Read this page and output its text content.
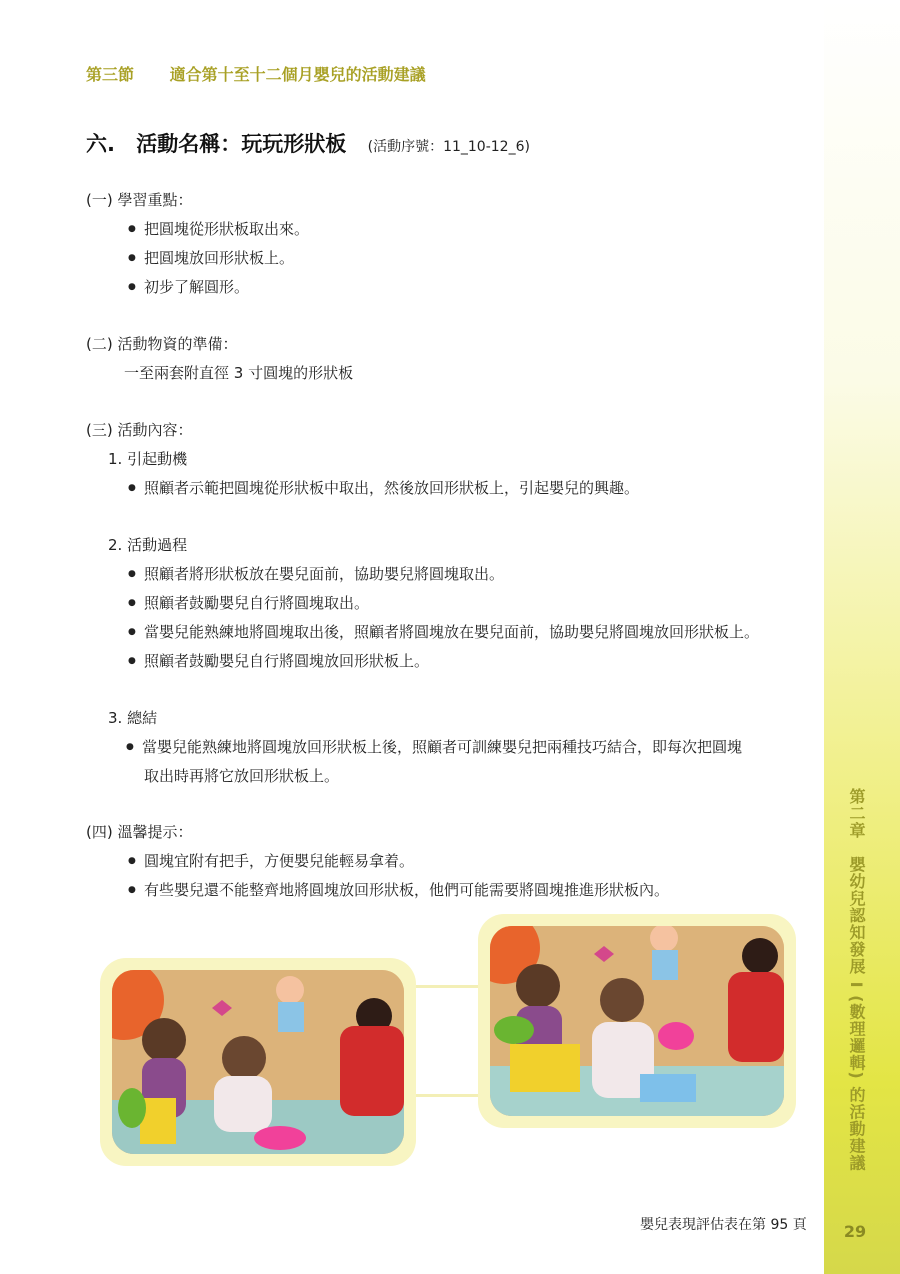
第三節 適合第十至十二個月嬰兒的活動建議
六. 活動名稱：玩玩形狀板 (活動序號：11_10-12_6)
(一) 學習重點：
● 把圓塊從形狀板取出來。
● 把圓塊放回形狀板上。
● 初步了解圓形。
(二) 活動物資的準備：
一至兩套附直徑 3 寸圓塊的形狀板
(三) 活動內容：
1. 引起動機
● 照顧者示範把圓塊從形狀板中取出，然後放回形狀板上，引起嬰兒的興趣。
2. 活動過程
● 照顧者將形狀板放在嬰兒面前，協助嬰兒將圓塊取出。
● 照顧者鼓勵嬰兒自行將圓塊取出。
● 當嬰兒能熟練地將圓塊取出後，照顧者將圓塊放在嬰兒面前，協助嬰兒將圓塊放回形狀板上。
● 照顧者鼓勵嬰兒自行將圓塊放回形狀板上。
3. 總結
● 當嬰兒能熟練地將圓塊放回形狀板上後，照顧者可訓練嬰兒把兩種技巧結合，即每次把圓塊
取出時再將它放回形狀板上。
(四) 溫馨提示：
● 圓塊宜附有把手，方便嬰兒能輕易拿着。
● 有些嬰兒還不能整齊地將圓塊放回形狀板，他們可能需要將圓塊推進形狀板內。	第二章　嬰幼兒認知發展 I (數理邏輯) 的活動建議
29
嬰兒表現評估表在第 95 頁
